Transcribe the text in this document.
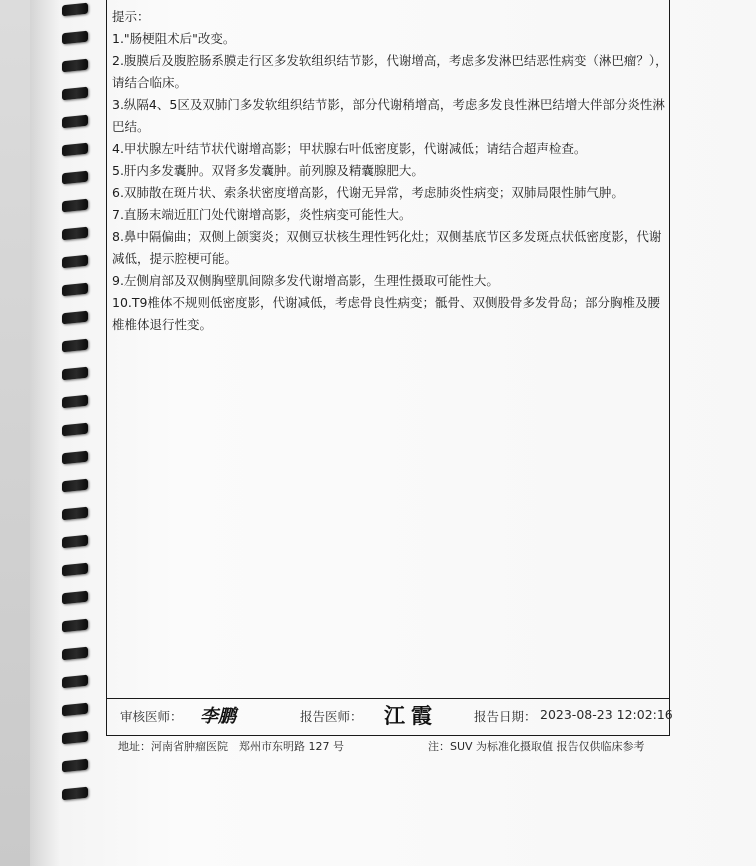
提示：
1."肠梗阻术后"改变。
2.腹膜后及腹腔肠系膜走行区多发软组织结节影，代谢增高，考虑多发淋巴结恶性病变（淋巴瘤？），请结合临床。
3.纵隔4、5区及双肺门多发软组织结节影，部分代谢稍增高，考虑多发良性淋巴结增大伴部分炎性淋巴结。
4.甲状腺左叶结节状代谢增高影；甲状腺右叶低密度影，代谢减低；请结合超声检查。
5.肝内多发囊肿。双肾多发囊肿。前列腺及精囊腺肥大。
6.双肺散在斑片状、索条状密度增高影，代谢无异常，考虑肺炎性病变；双肺局限性肺气肿。
7.直肠末端近肛门处代谢增高影，炎性病变可能性大。
8.鼻中隔偏曲；双侧上颌窦炎；双侧豆状核生理性钙化灶；双侧基底节区多发斑点状低密度影，代谢减低，提示腔梗可能。
9.左侧肩部及双侧胸壁肌间隙多发代谢增高影，生理性摄取可能性大。
10.T9椎体不规则低密度影，代谢减低，考虑骨良性病变；骶骨、双侧股骨多发骨岛；部分胸椎及腰椎椎体退行性变。
审核医师： 李鹏	报告医师： 江霞	报告日期： 2023-08-23 12:02:16
地址：河南省肿瘤医院　郑州市东明路 127 号	注：SUV 为标准化摄取值 报告仅供临床参考
